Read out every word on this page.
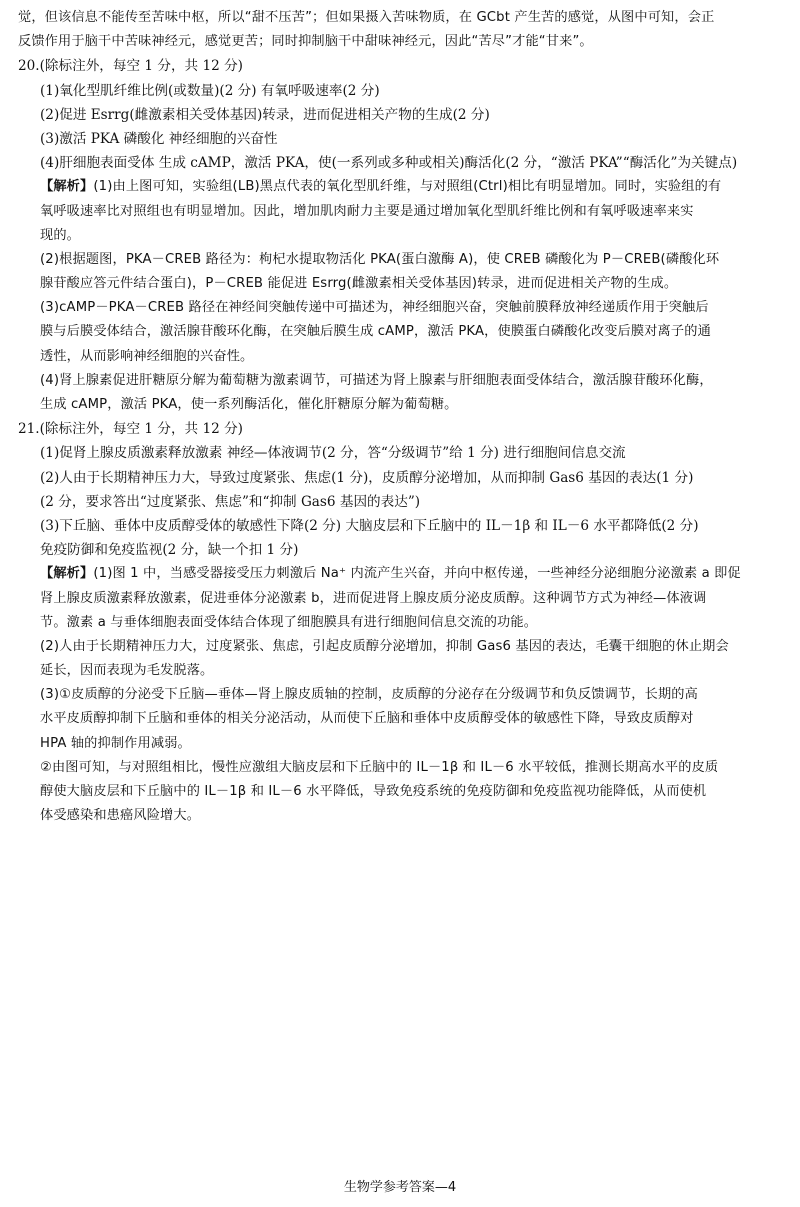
觉，但该信息不能传至苦味中枢，所以“甜不压苦”；但如果摄入苦味物质，在 GCbt 产生苦的感觉，从图中可知，会正
反馈作用于脑干中苦味神经元，感觉更苦；同时抑制脑干中甜味神经元，因此“苦尽”才能“甘来”。
20.(除标注外，每空 1 分，共 12 分)
(1)氧化型肌纤维比例(或数量)(2 分) 有氧呼吸速率(2 分)
(2)促进 Esrrg(雌激素相关受体基因)转录，进而促进相关产物的生成(2 分)
(3)激活 PKA 磷酸化 神经细胞的兴奋性
(4)肝细胞表面受体 生成 cAMP，激活 PKA，使(一系列或多种或相关)酶活化(2 分，“激活 PKA”“酶活化”为关键点)
【解析】(1)由上图可知，实验组(LB)黑点代表的氧化型肌纤维，与对照组(Ctrl)相比有明显增加。同时，实验组的有
氧呼吸速率比对照组也有明显增加。因此，增加肌肉耐力主要是通过增加氧化型肌纤维比例和有氧呼吸速率来实
现的。
(2)根据题图，PKA－CREB 路径为：枸杞水提取物活化 PKA(蛋白激酶 A)，使 CREB 磷酸化为 P－CREB(磷酸化环
腺苷酸应答元件结合蛋白)，P－CREB 能促进 Esrrg(雌激素相关受体基因)转录，进而促进相关产物的生成。
(3)cAMP－PKA－CREB 路径在神经间突触传递中可描述为，神经细胞兴奋，突触前膜释放神经递质作用于突触后
膜与后膜受体结合，激活腺苷酸环化酶，在突触后膜生成 cAMP，激活 PKA，使膜蛋白磷酸化改变后膜对离子的通
透性，从而影响神经细胞的兴奋性。
(4)肾上腺素促进肝糖原分解为葡萄糖为激素调节，可描述为肾上腺素与肝细胞表面受体结合，激活腺苷酸环化酶，
生成 cAMP，激活 PKA，使一系列酶活化，催化肝糖原分解为葡萄糖。
21.(除标注外，每空 1 分，共 12 分)
(1)促肾上腺皮质激素释放激素 神经—体液调节(2 分，答“分级调节”给 1 分) 进行细胞间信息交流
(2)人由于长期精神压力大，导致过度紧张、焦虑(1 分)，皮质醇分泌增加，从而抑制 Gas6 基因的表达(1 分)
(2 分，要求答出“过度紧张、焦虑”和“抑制 Gas6 基因的表达”)
(3)下丘脑、垂体中皮质醇受体的敏感性下降(2 分) 大脑皮层和下丘脑中的 IL－1β 和 IL－6 水平都降低(2 分)
免疫防御和免疫监视(2 分，缺一个扣 1 分)
【解析】(1)图 1 中，当感受器接受压力刺激后 Na⁺ 内流产生兴奋，并向中枢传递，一些神经分泌细胞分泌激素 a 即促
肾上腺皮质激素释放激素，促进垂体分泌激素 b，进而促进肾上腺皮质分泌皮质醇。这种调节方式为神经—体液调
节。激素 a 与垂体细胞表面受体结合体现了细胞膜具有进行细胞间信息交流的功能。
(2)人由于长期精神压力大，过度紧张、焦虑，引起皮质醇分泌增加，抑制 Gas6 基因的表达，毛囊干细胞的休止期会
延长，因而表现为毛发脱落。
(3)①皮质醇的分泌受下丘脑—垂体—肾上腺皮质轴的控制，皮质醇的分泌存在分级调节和负反馈调节，长期的高
水平皮质醇抑制下丘脑和垂体的相关分泌活动，从而使下丘脑和垂体中皮质醇受体的敏感性下降，导致皮质醇对
HPA 轴的抑制作用减弱。
②由图可知，与对照组相比，慢性应激组大脑皮层和下丘脑中的 IL－1β 和 IL－6 水平较低，推测长期高水平的皮质
醇使大脑皮层和下丘脑中的 IL－1β 和 IL－6 水平降低，导致免疫系统的免疫防御和免疫监视功能降低，从而使机
体受感染和患癌风险增大。
生物学参考答案—4
